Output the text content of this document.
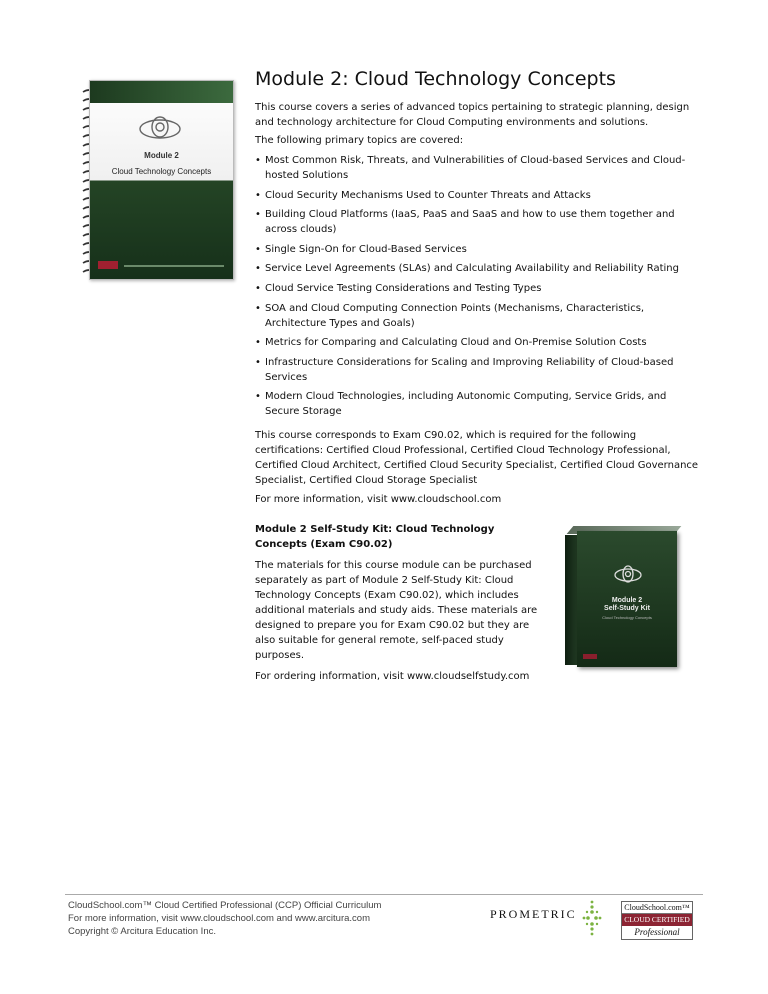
Module 2
Cloud Technology Concepts
Module 2: Cloud Technology Concepts

This course covers a series of advanced topics pertaining to strategic planning, design and technology architecture for Cloud Computing environments and solutions.

The following primary topics are covered:

• Most Common Risk, Threats, and Vulnerabilities of Cloud-based Services and Cloud-hosted Solutions
• Cloud Security Mechanisms Used to Counter Threats and Attacks
• Building Cloud Platforms (IaaS, PaaS and SaaS and how to use them together and across clouds)
• Single Sign-On for Cloud-Based Services
• Service Level Agreements (SLAs) and Calculating Availability and Reliability Rating
• Cloud Service Testing Considerations and Testing Types
• SOA and Cloud Computing Connection Points (Mechanisms, Characteristics, Architecture Types and Goals)
• Metrics for Comparing and Calculating Cloud and On-Premise Solution Costs
• Infrastructure Considerations for Scaling and Improving Reliability of Cloud-based Services
• Modern Cloud Technologies, including Autonomic Computing, Service Grids, and Secure Storage

This course corresponds to Exam C90.02, which is required for the following certifications: Certified Cloud Professional, Certified Cloud Technology Professional, Certified Cloud Architect, Certified Cloud Security Specialist, Certified Cloud Governance Specialist, Certified Cloud Storage Specialist

For more information, visit www.cloudschool.com

Module 2 Self-Study Kit: Cloud Technology Concepts (Exam C90.02)

The materials for this course module can be purchased separately as part of Module 2 Self-Study Kit: Cloud Technology Concepts (Exam C90.02), which includes additional materials and study aids. These materials are designed to prepare you for Exam C90.02 but they are also suitable for general remote, self-paced study purposes.

For ordering information, visit www.cloudselfstudy.com

Module 2
Self-Study Kit
Cloud Technology Concepts
CloudSchool.com™ Cloud Certified Professional (CCP) Official Curriculum
For more information, visit www.cloudschool.com and www.arcitura.com
Copyright © Arcitura Education Inc.
PROMETRIC	CloudSchool.com™
CLOUD CERTIFIED
Professional
